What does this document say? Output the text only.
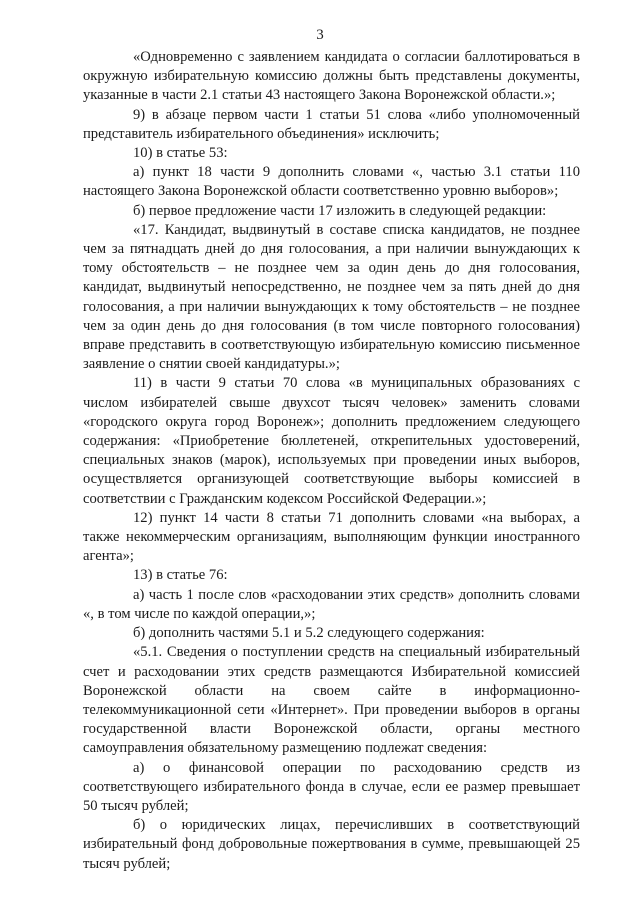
3

«Одновременно с заявлением кандидата о согласии баллотироваться в окружную избирательную комиссию должны быть представлены документы, указанные в части 2.1 статьи 43 настоящего Закона Воронежской области.»;

9) в абзаце первом части 1 статьи 51 слова «либо уполномоченный представитель избирательного объединения» исключить;

10) в статье 53:

а) пункт 18 части 9 дополнить словами «, частью 3.1 статьи 110 настоящего Закона Воронежской области соответственно уровню выборов»;

б) первое предложение части 17 изложить в следующей редакции:

«17. Кандидат, выдвинутый в составе списка кандидатов, не позднее чем за пятнадцать дней до дня голосования, а при наличии вынуждающих к тому обстоятельств – не позднее чем за один день до дня голосования, кандидат, выдвинутый непосредственно, не позднее чем за пять дней до дня голосования, а при наличии вынуждающих к тому обстоятельств – не позднее чем за один день до дня голосования (в том числе повторного голосования) вправе представить в соответствующую избирательную комиссию письменное заявление о снятии своей кандидатуры.»;

11) в части 9 статьи 70 слова «в муниципальных образованиях с числом избирателей свыше двухсот тысяч человек» заменить словами «городского округа город Воронеж»; дополнить предложением следующего содержания: «Приобретение бюллетеней, открепительных удостоверений, специальных знаков (марок), используемых при проведении иных выборов, осуществляется организующей соответствующие выборы комиссией в соответствии с Гражданским кодексом Российской Федерации.»;

12) пункт 14 части 8 статьи 71 дополнить словами «на выборах, а также некоммерческим организациям, выполняющим функции иностранного агента»;

13) в статье 76:

а) часть 1 после слов «расходовании этих средств» дополнить словами «, в том числе по каждой операции,»;

б) дополнить частями 5.1 и 5.2 следующего содержания:

«5.1. Сведения о поступлении средств на специальный избирательный счет и расходовании этих средств размещаются Избирательной комиссией Воронежской области на своем сайте в информационно-телекоммуникационной сети «Интернет». При проведении выборов в органы государственной власти Воронежской области, органы местного самоуправления обязательному размещению подлежат сведения:

а) о финансовой операции по расходованию средств из соответствующего избирательного фонда в случае, если ее размер превышает 50 тысяч рублей;

б) о юридических лицах, перечисливших в соответствующий избирательный фонд добровольные пожертвования в сумме, превышающей 25 тысяч рублей;
